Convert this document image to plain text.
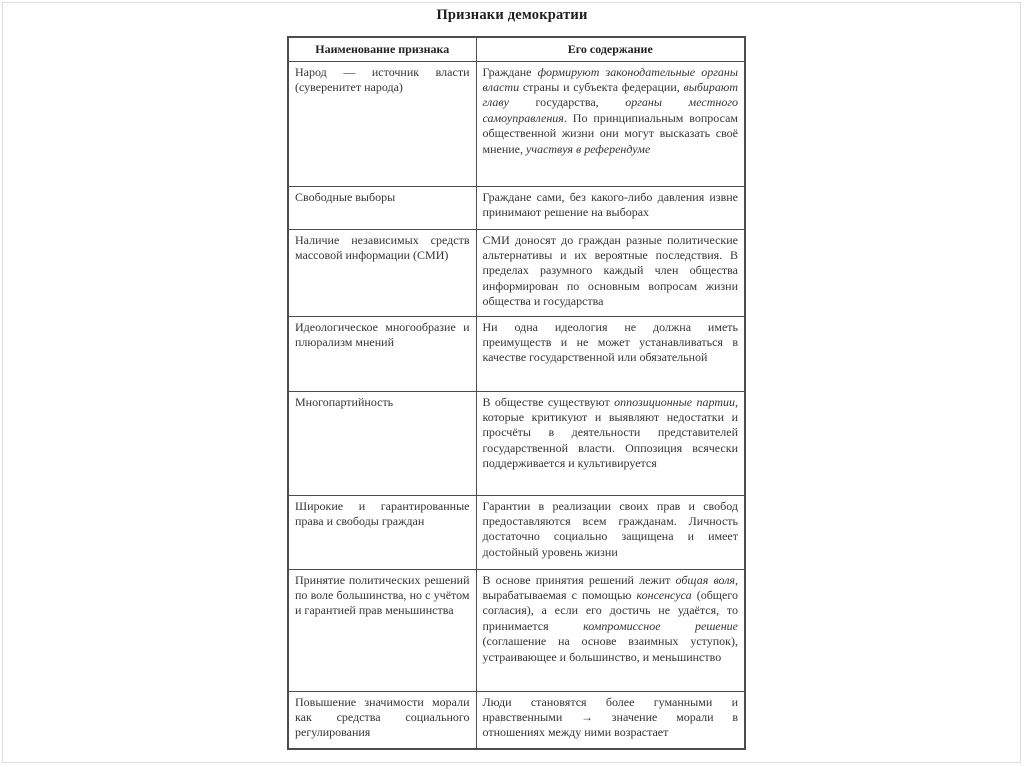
Признаки демократии
Наименование признака	Его содержание
Народ — источник власти (суверенитет народа)	Граждане формируют законодательные органы власти страны и субъекта федерации, выбирают главу государства, органы местного самоуправления. По принципиальным вопросам общественной жизни они могут высказать своё мнение, участвуя в референдуме
Свободные выборы	Граждане сами, без какого-либо давления извне принимают решение на выборах
Наличие независимых средств массовой информации (СМИ)	СМИ доносят до граждан разные политические альтернативы и их вероятные последствия. В пределах разумного каждый член общества информирован по основным вопросам жизни общества и государства
Идеологическое многообразие и плюрализм мнений	Ни одна идеология не должна иметь преимуществ и не может устанавливаться в качестве государственной или обязательной
Многопартийность	В обществе существуют оппозиционные партии, которые критикуют и выявляют недостатки и просчёты в деятельности представителей государственной власти. Оппозиция всячески поддерживается и культивируется
Широкие и гарантированные права и свободы граждан	Гарантии в реализации своих прав и свобод предоставляются всем гражданам. Личность достаточно социально защищена и имеет достойный уровень жизни
Принятие политических решений по воле большинства, но с учётом и гарантией прав меньшинства	В основе принятия решений лежит общая воля, вырабатываемая с помощью консенсуса (общего согласия), а если его достичь не удаётся, то принимается компромиссное решение (соглашение на основе взаимных уступок), устраивающее и большинство, и меньшинство
Повышение значимости морали как средства социального регулирования	Люди становятся более гуманными и нравственными → значение морали в отношениях между ними возрастает
